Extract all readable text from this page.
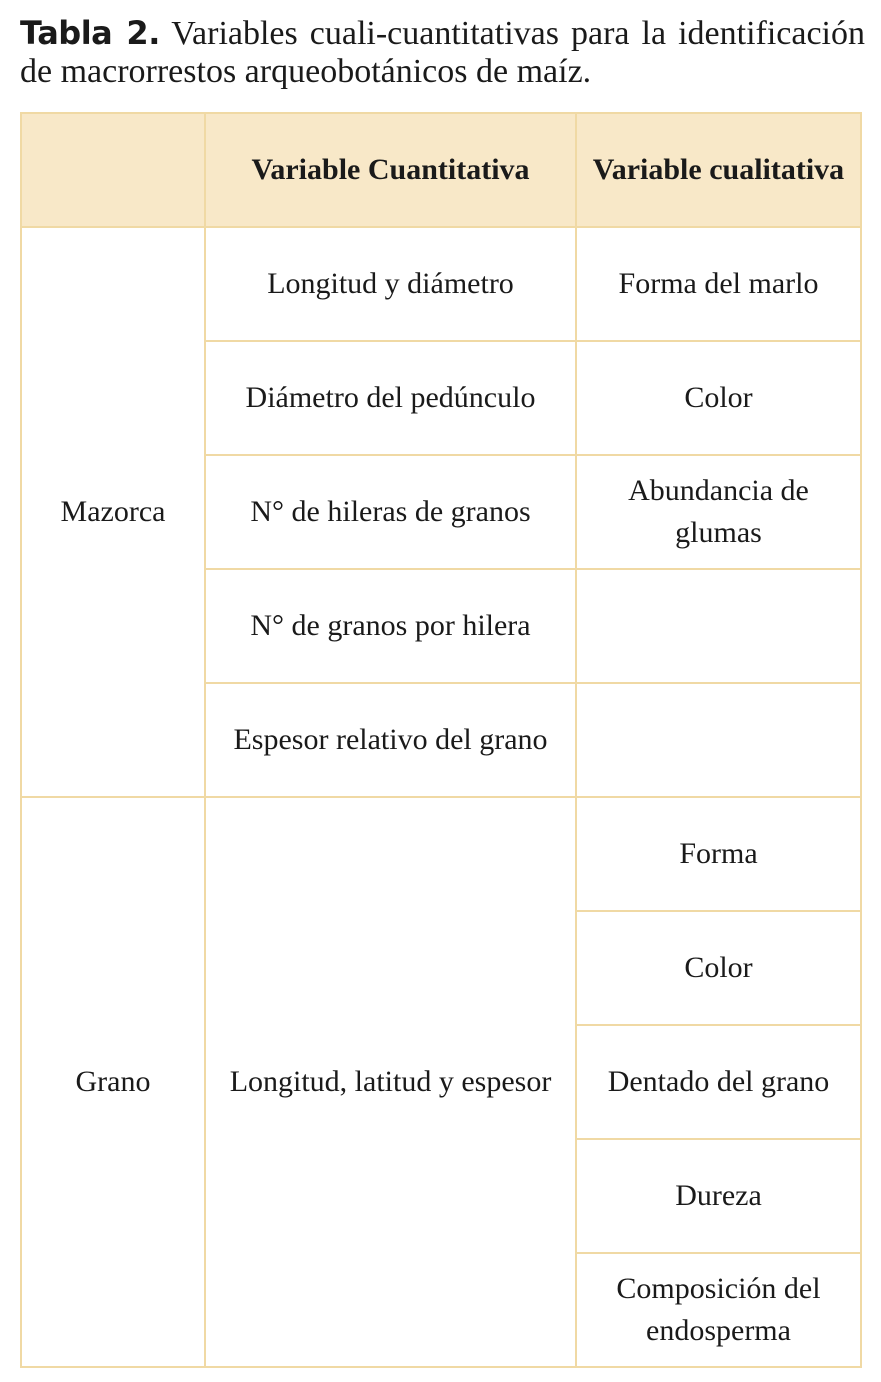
Tabla 2. Variables cuali-cuantitativas para la identificación de macrorrestos arqueobotánicos de maíz.
	Variable Cuantitativa	Variable cualitativa
Mazorca	Longitud y diámetro	Forma del marlo
	Diámetro del pedúnculo	Color
	N° de hileras de granos	Abundancia de glumas
	N° de granos por hilera	
	Espesor relativo del grano	
Grano	Longitud, latitud y espesor	Forma
		Color
		Dentado del grano
		Dureza
		Composición del endosperma
